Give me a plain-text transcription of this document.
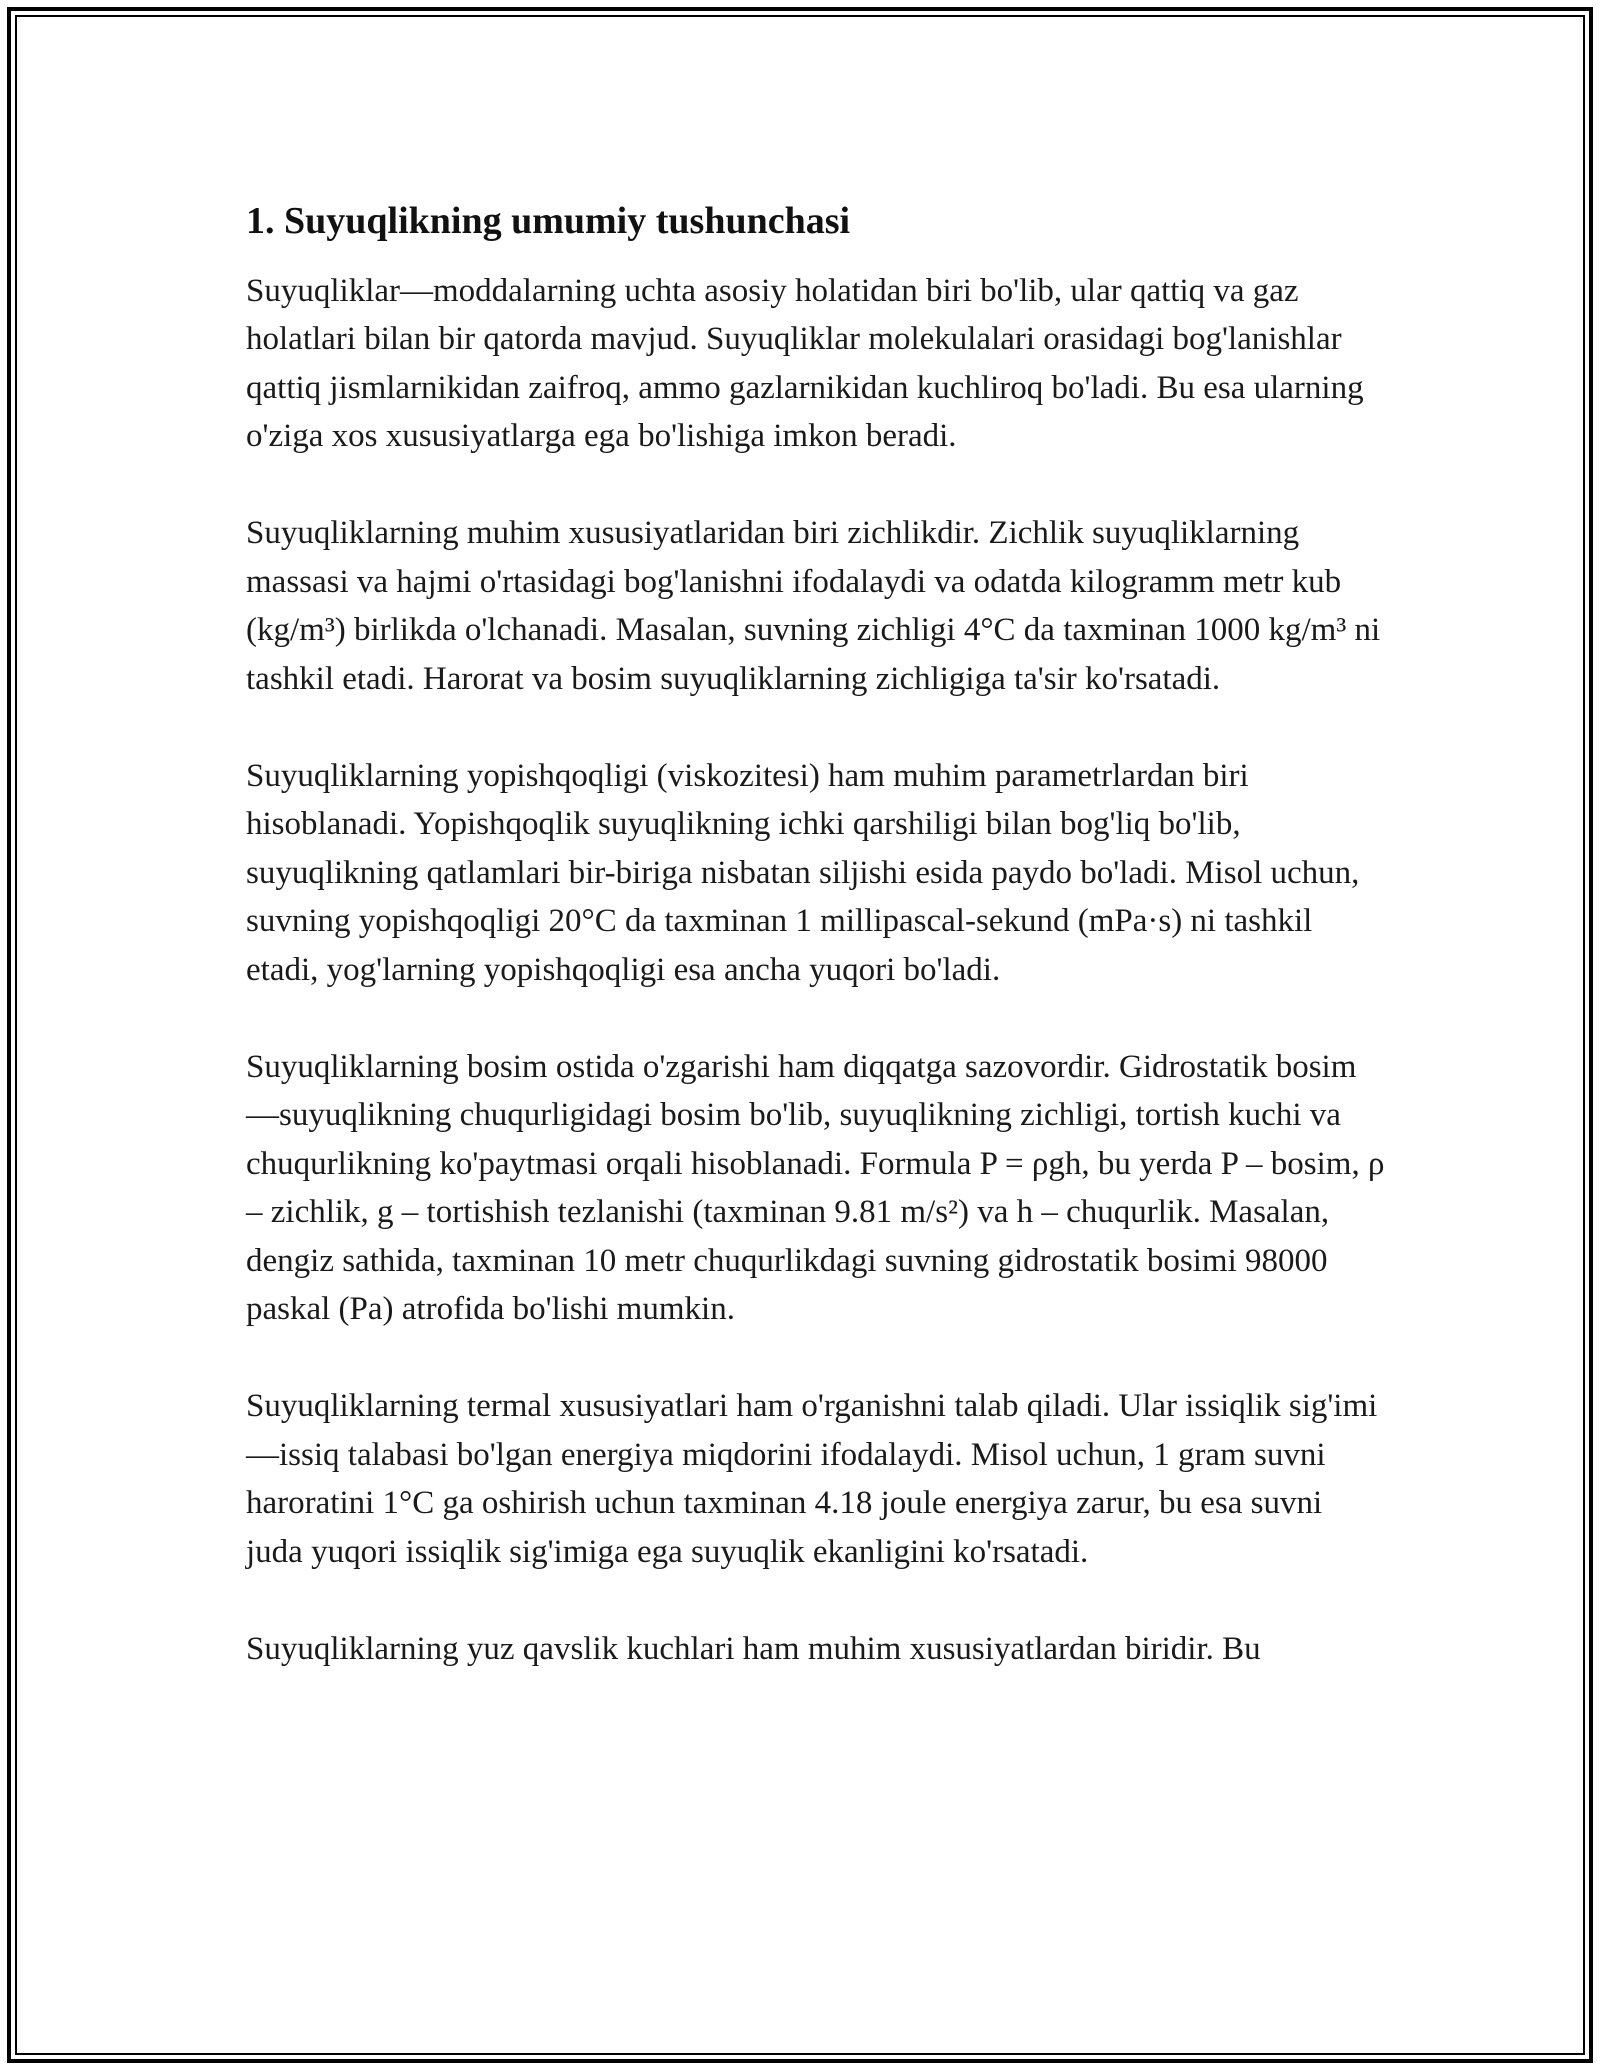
1. Suyuqlikning umumiy tushunchasi

Suyuqliklar—moddalarning uchta asosiy holatidan biri bo'lib, ular qattiq va gaz holatlari bilan bir qatorda mavjud. Suyuqliklar molekulalari orasidagi bog'lanishlar qattiq jismlarnikidan zaifroq, ammo gazlarnikidan kuchliroq bo'ladi. Bu esa ularning o'ziga xos xususiyatlarga ega bo'lishiga imkon beradi.

Suyuqliklarning muhim xususiyatlaridan biri zichlikdir. Zichlik suyuqliklarning massasi va hajmi o'rtasidagi bog'lanishni ifodalaydi va odatda kilogramm metr kub (kg/m³) birlikda o'lchanadi. Masalan, suvning zichligi 4°C da taxminan 1000 kg/m³ ni tashkil etadi. Harorat va bosim suyuqliklarning zichligiga ta'sir ko'rsatadi.

Suyuqliklarning yopishqoqligi (viskozitesi) ham muhim parametrlardan biri hisoblanadi. Yopishqoqlik suyuqlikning ichki qarshiligi bilan bog'liq bo'lib, suyuqlikning qatlamlari bir-biriga nisbatan siljishi esida paydo bo'ladi. Misol uchun, suvning yopishqoqligi 20°C da taxminan 1 millipascal-sekund (mPa·s) ni tashkil etadi, yog'larning yopishqoqligi esa ancha yuqori bo'ladi.

Suyuqliklarning bosim ostida o'zgarishi ham diqqatga sazovordir. Gidrostatik bosim—suyuqlikning chuqurligidagi bosim bo'lib, suyuqlikning zichligi, tortish kuchi va chuqurlikning ko'paytmasi orqali hisoblanadi. Formula P = ρgh, bu yerda P – bosim, ρ – zichlik, g – tortishish tezlanishi (taxminan 9.81 m/s²) va h – chuqurlik. Masalan, dengiz sathida, taxminan 10 metr chuqurlikdagi suvning gidrostatik bosimi 98000 paskal (Pa) atrofida bo'lishi mumkin.

Suyuqliklarning termal xususiyatlari ham o'rganishni talab qiladi. Ular issiqlik sig'imi—issiq talabasi bo'lgan energiya miqdorini ifodalaydi. Misol uchun, 1 gram suvni haroratini 1°C ga oshirish uchun taxminan 4.18 joule energiya zarur, bu esa suvni juda yuqori issiqlik sig'imiga ega suyuqlik ekanligini ko'rsatadi.

Suyuqliklarning yuz qavslik kuchlari ham muhim xususiyatlardan biridir. Bu
